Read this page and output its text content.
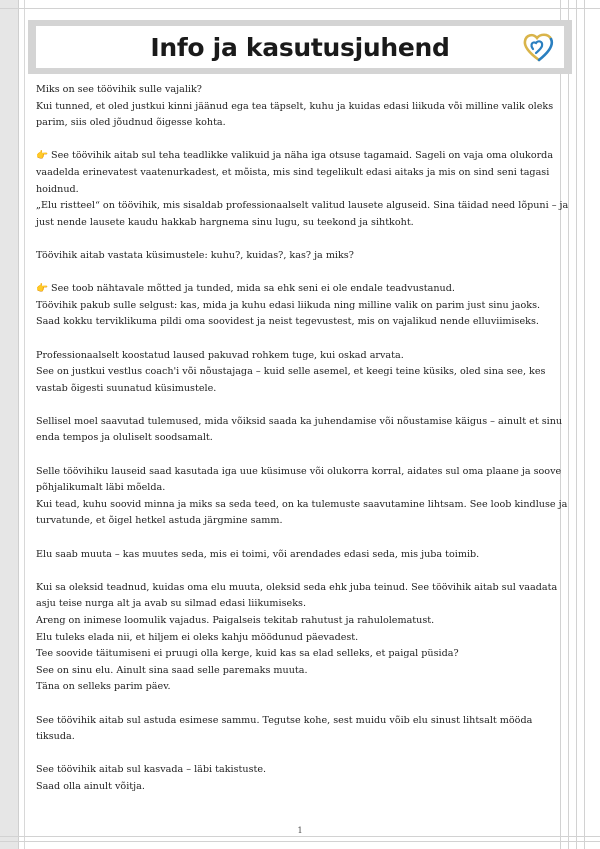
Info ja kasutusjuhend

Miks on see töövihik sulle vajalik?

Kui tunned, et oled justkui kinni jäänud ega tea täpselt, kuhu ja kuidas edasi liikuda või milline valik oleks parim, siis oled jõudnud õigesse kohta.

👉 See töövihik aitab sul teha teadlikke valikuid ja näha iga otsuse tagamaid. Sageli on vaja oma olukorda vaadelda erinevatest vaatenurkadest, et mõista, mis sind tegelikult edasi aitaks ja mis on sind seni tagasi hoidnud.

„Elu ristteel“ on töövihik, mis sisaldab professionaalselt valitud lausete alguseid. Sina täidad need lõpuni – ja just nende lausete kaudu hakkab hargnema sinu lugu, su teekond ja sihtkoht.

Töövihik aitab vastata küsimustele: kuhu?, kuidas?, kas? ja miks?

👉 See toob nähtavale mõtted ja tunded, mida sa ehk seni ei ole endale teadvustanud.

Töövihik pakub sulle selgust: kas, mida ja kuhu edasi liikuda ning milline valik on parim just sinu jaoks.

Saad kokku terviklikuma pildi oma soovidest ja neist tegevustest, mis on vajalikud nende elluviimiseks.

Professionaalselt koostatud laused pakuvad rohkem tuge, kui oskad arvata.

See on justkui vestlus coach'i või nõustajaga – kuid selle asemel, et keegi teine küsiks, oled sina see, kes vastab õigesti suunatud küsimustele.

Sellisel moel saavutad tulemused, mida võiksid saada ka juhendamise või nõustamise käigus – ainult et sinu enda tempos ja oluliselt soodsamalt.

Selle töövihiku lauseid saad kasutada iga uue küsimuse või olukorra korral, aidates sul oma plaane ja soove põhjalikumalt läbi mõelda.

Kui tead, kuhu soovid minna ja miks sa seda teed, on ka tulemuste saavutamine lihtsam. See loob kindluse ja turvatunde, et õigel hetkel astuda järgmine samm.

Elu saab muuta – kas muutes seda, mis ei toimi, või arendades edasi seda, mis juba toimib.

Kui sa oleksid teadnud, kuidas oma elu muuta, oleksid seda ehk juba teinud. See töövihik aitab sul vaadata asju teise nurga alt ja avab su silmad edasi liikumiseks.

Areng on inimese loomulik vajadus. Paigalseis tekitab rahutust ja rahulolematust.

Elu tuleks elada nii, et hiljem ei oleks kahju möödunud päevadest.

Tee soovide täitumiseni ei pruugi olla kerge, kuid kas sa elad selleks, et paigal püsida?

See on sinu elu. Ainult sina saad selle paremaks muuta.

Täna on selleks parim päev.

See töövihik aitab sul astuda esimese sammu. Tegutse kohe, sest muidu võib elu sinust lihtsalt mööda tiksuda.

See töövihik aitab sul kasvada – läbi takistuste.

Saad olla ainult võitja.

1
